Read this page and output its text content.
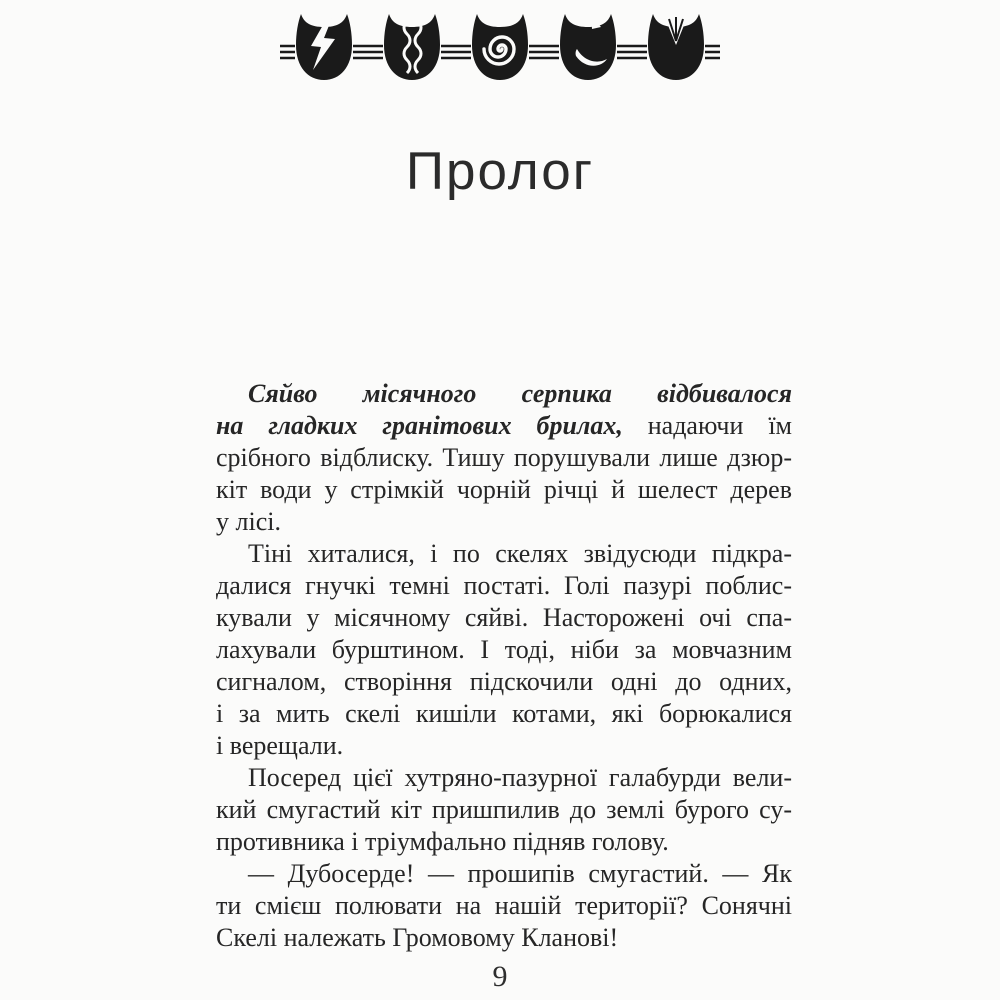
Пролог
Сяйво місячного серпика відбивалося
на гладких гранітових брилах, надаючи їм
срібного відблиску. Тишу порушували лише дзюр-
кіт води у стрімкій чорній річці й шелест дерев
у лісі.
Тіні хиталися, і по скелях звідусюди підкра-
далися гнучкі темні постаті. Голі пазурі поблис-
кували у місячному сяйві. Насторожені очі спа-
лахували бурштином. І тоді, ніби за мовчазним
сигналом, створіння підскочили одні до одних,
і за мить скелі кишіли котами, які борюкалися
і верещали.
Посеред цієї хутряно-пазурної галабурди вели-
кий смугастий кіт пришпилив до землі бурого су-
противника і тріумфально підняв голову.
— Дубосерде! — прошипів смугастий. — Як
ти смієш полювати на нашій території? Сонячні
Скелі належать Громовому Кланові!
9
